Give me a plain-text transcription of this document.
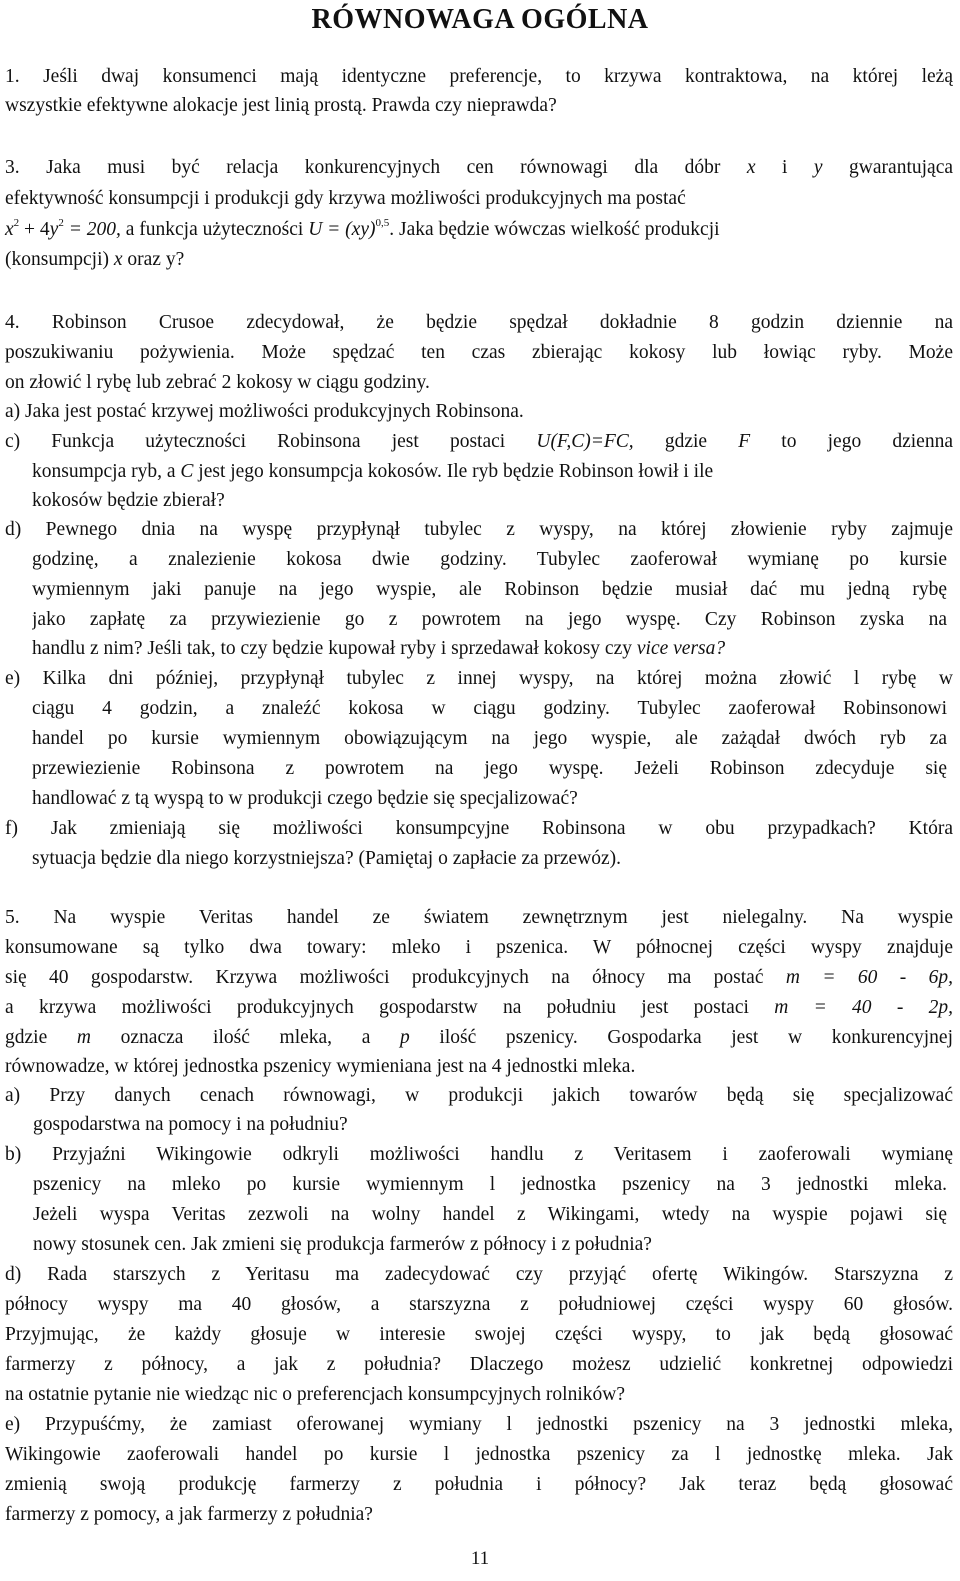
RÓWNOWAGA OGÓLNA
1. Jeśli dwaj konsumenci mają identyczne preferencje, to krzywa kontraktowa, na której leżą
wszystkie efektywne alokacje jest linią prostą. Prawda czy nieprawda?
3. Jaka musi być relacja konkurencyjnych cen równowagi dla dóbr x i y gwarantująca
efektywność konsumpcji i produkcji gdy krzywa możliwości produkcyjnych ma postać
$x^2 + 4y^2 = 200$, a funkcja użyteczności U = (xy)$^{0,5}$. Jaka będzie wówczas wielkość produkcji
(konsumpcji) x oraz y?
4. Robinson Crusoe zdecydował, że będzie spędzał dokładnie 8 godzin dziennie na
poszukiwaniu pożywienia. Może spędzać ten czas zbierając kokosy lub łowiąc ryby. Może
on złowić l rybę lub zebrać 2 kokosy w ciągu godziny.
a) Jaka jest postać krzywej możliwości produkcyjnych Robinsona.
c) Funkcja użyteczności Robinsona jest postaci U(F,C)=FC, gdzie F to jego dzienna
konsumpcja ryb, a C jest jego konsumpcja kokosów. Ile ryb będzie Robinson łowił i ile
kokosów będzie zbierał?
d) Pewnego dnia na wyspę przypłynął tubylec z wyspy, na której złowienie ryby zajmuje
godzinę, a znalezienie kokosa dwie godziny. Tubylec zaoferował wymianę po kursie
wymiennym jaki panuje na jego wyspie, ale Robinson będzie musiał dać mu jedną rybę
jako zapłatę za przywiezienie go z powrotem na jego wyspę. Czy Robinson zyska na
handlu z nim? Jeśli tak, to czy będzie kupował ryby i sprzedawał kokosy czy vice versa?
e) Kilka dni później, przypłynął tubylec z innej wyspy, na której można złowić l rybę w
ciągu 4 godzin, a znaleźć kokosa w ciągu godziny. Tubylec zaoferował Robinsonowi
handel po kursie wymiennym obowiązującym na jego wyspie, ale zażądał dwóch ryb za
przewiezienie Robinsona z powrotem na jego wyspę. Jeżeli Robinson zdecyduje się
handlować z tą wyspą to w produkcji czego będzie się specjalizować?
f) Jak zmieniają się możliwości konsumpcyjne Robinsona w obu przypadkach? Która
sytuacja będzie dla niego korzystniejsza? (Pamiętaj o zapłacie za przewóz).
5. Na wyspie Veritas handel ze światem zewnętrznym jest nielegalny. Na wyspie
konsumowane są tylko dwa towary: mleko i pszenica. W północnej części wyspy znajduje
się 40 gospodarstw. Krzywa możliwości produkcyjnych na ółnocy ma postać m = 60 - 6p,
a krzywa możliwości produkcyjnych gospodarstw na południu jest postaci m = 40 - 2p,
gdzie m oznacza ilość mleka, a p ilość pszenicy. Gospodarka jest w konkurencyjnej
równowadze, w której jednostka pszenicy wymieniana jest na 4 jednostki mleka.
a) Przy danych cenach równowagi, w produkcji jakich towarów będą się specjalizować
gospodarstwa na pomocy i na południu?
b) Przyjaźni Wikingowie odkryli możliwości handlu z Veritasem i zaoferowali wymianę
pszenicy na mleko po kursie wymiennym l jednostka pszenicy na 3 jednostki mleka.
Jeżeli wyspa Veritas zezwoli na wolny handel z Wikingami, wtedy na wyspie pojawi się
nowy stosunek cen. Jak zmieni się produkcja farmerów z północy i z południa?
d) Rada starszych z Yeritasu ma zadecydować czy przyjąć ofertę Wikingów. Starszyzna z
północy wyspy ma 40 głosów, a starszyzna z południowej części wyspy 60 głosów.
Przyjmując, że każdy głosuje w interesie swojej części wyspy, to jak będą głosować
farmerzy z północy, a jak z południa? Dlaczego możesz udzielić konkretnej odpowiedzi
na ostatnie pytanie nie wiedząc nic o preferencjach konsumpcyjnych rolników?
e) Przypuśćmy, że zamiast oferowanej wymiany l jednostki pszenicy na 3 jednostki mleka,
Wikingowie zaoferowali handel po kursie l jednostka pszenicy za l jednostkę mleka. Jak
zmienią swoją produkcję farmerzy z południa i północy? Jak teraz będą głosować
farmerzy z pomocy, a jak farmerzy z południa?
11
